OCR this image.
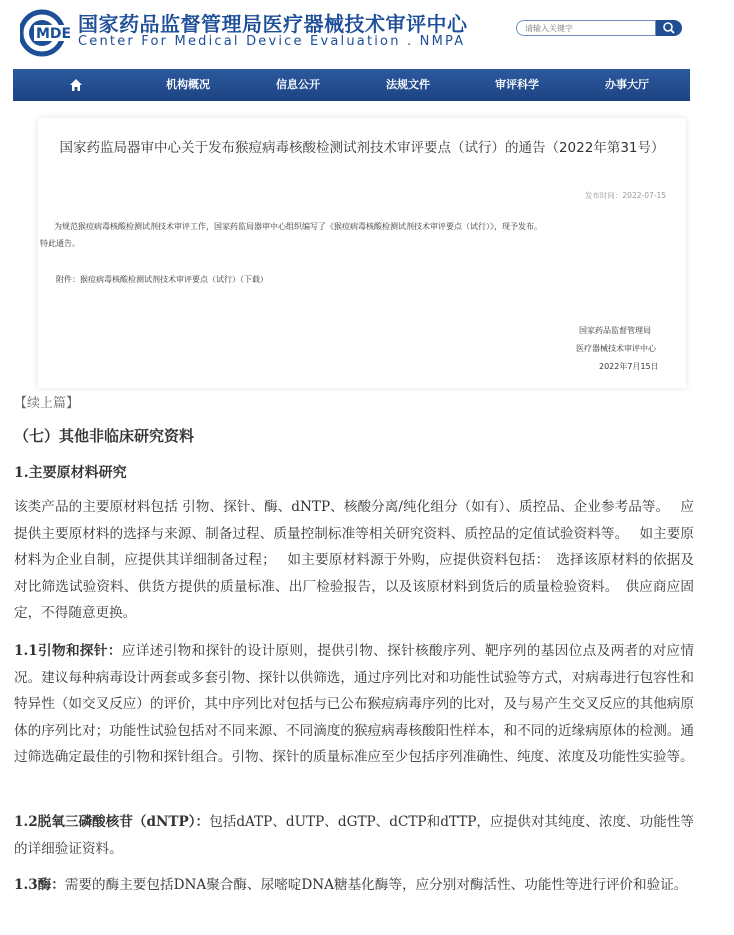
MDE 国家药品监督管理局医疗器械技术审评中心
Center For Medical Device Evaluation . NMPA
请输入关键字
机构概况	信息公开	法规文件	审评科学	办事大厅
国家药监局器审中心关于发布猴痘病毒核酸检测试剂技术审评要点（试行）的通告（2022年第31号）
发布时间：2022-07-15
为规范猴痘病毒核酸检测试剂技术审评工作，国家药监局器审中心组织编写了《猴痘病毒核酸检测试剂技术审评要点（试行）》，现予发布。
特此通告。
附件：猴痘病毒核酸检测试剂技术审评要点（试行）（下载）
国家药品监督管理局
医疗器械技术审评中心
2022年7月15日
【续上篇】
（七）其他非临床研究资料
1.主要原材料研究
该类产品的主要原材料包括 引物、探针、酶、dNTP、核酸分离/纯化组分（如有）、质控品、企业参考品等。　 应提供主要原材料的选择与来源、制备过程、质量控制标准等相关研究资料、质控品的定值试验资料等。　 如主要原材料为企业自制，应提供其详细制备过程；　 如主要原材料源于外购，应提供资料包括：　选择该原材料的依据及对比筛选试验资料、供货方提供的质量标准、出厂检验报告，以及该原材料到货后的质量检验资料。　供应商应固定，不得随意更换。
1.1引物和探针：应详述引物和探针的设计原则，提供引物、探针核酸序列、靶序列的基因位点及两者的对应情况。建议每种病毒设计两套或多套引物、探针以供筛选，通过序列比对和功能性试验等方式，对病毒进行包容性和特异性（如交叉反应）的评价，其中序列比对包括与已公布猴痘病毒序列的比对，及与易产生交叉反应的其他病原体的序列比对；功能性试验包括对不同来源、不同滴度的猴痘病毒核酸阳性样本，和不同的近缘病原体的检测。通过筛选确定最佳的引物和探针组合。引物、探针的质量标准应至少包括序列准确性、纯度、浓度及功能性实验等。
1.2脱氧三磷酸核苷（dNTP）：包括dATP、dUTP、dGTP、dCTP和dTTP，应提供对其纯度、浓度、功能性等的详细验证资料。
1.3酶：需要的酶主要包括DNA聚合酶、尿嘧啶DNA糖基化酶等，应分别对酶活性、功能性等进行评价和验证。
